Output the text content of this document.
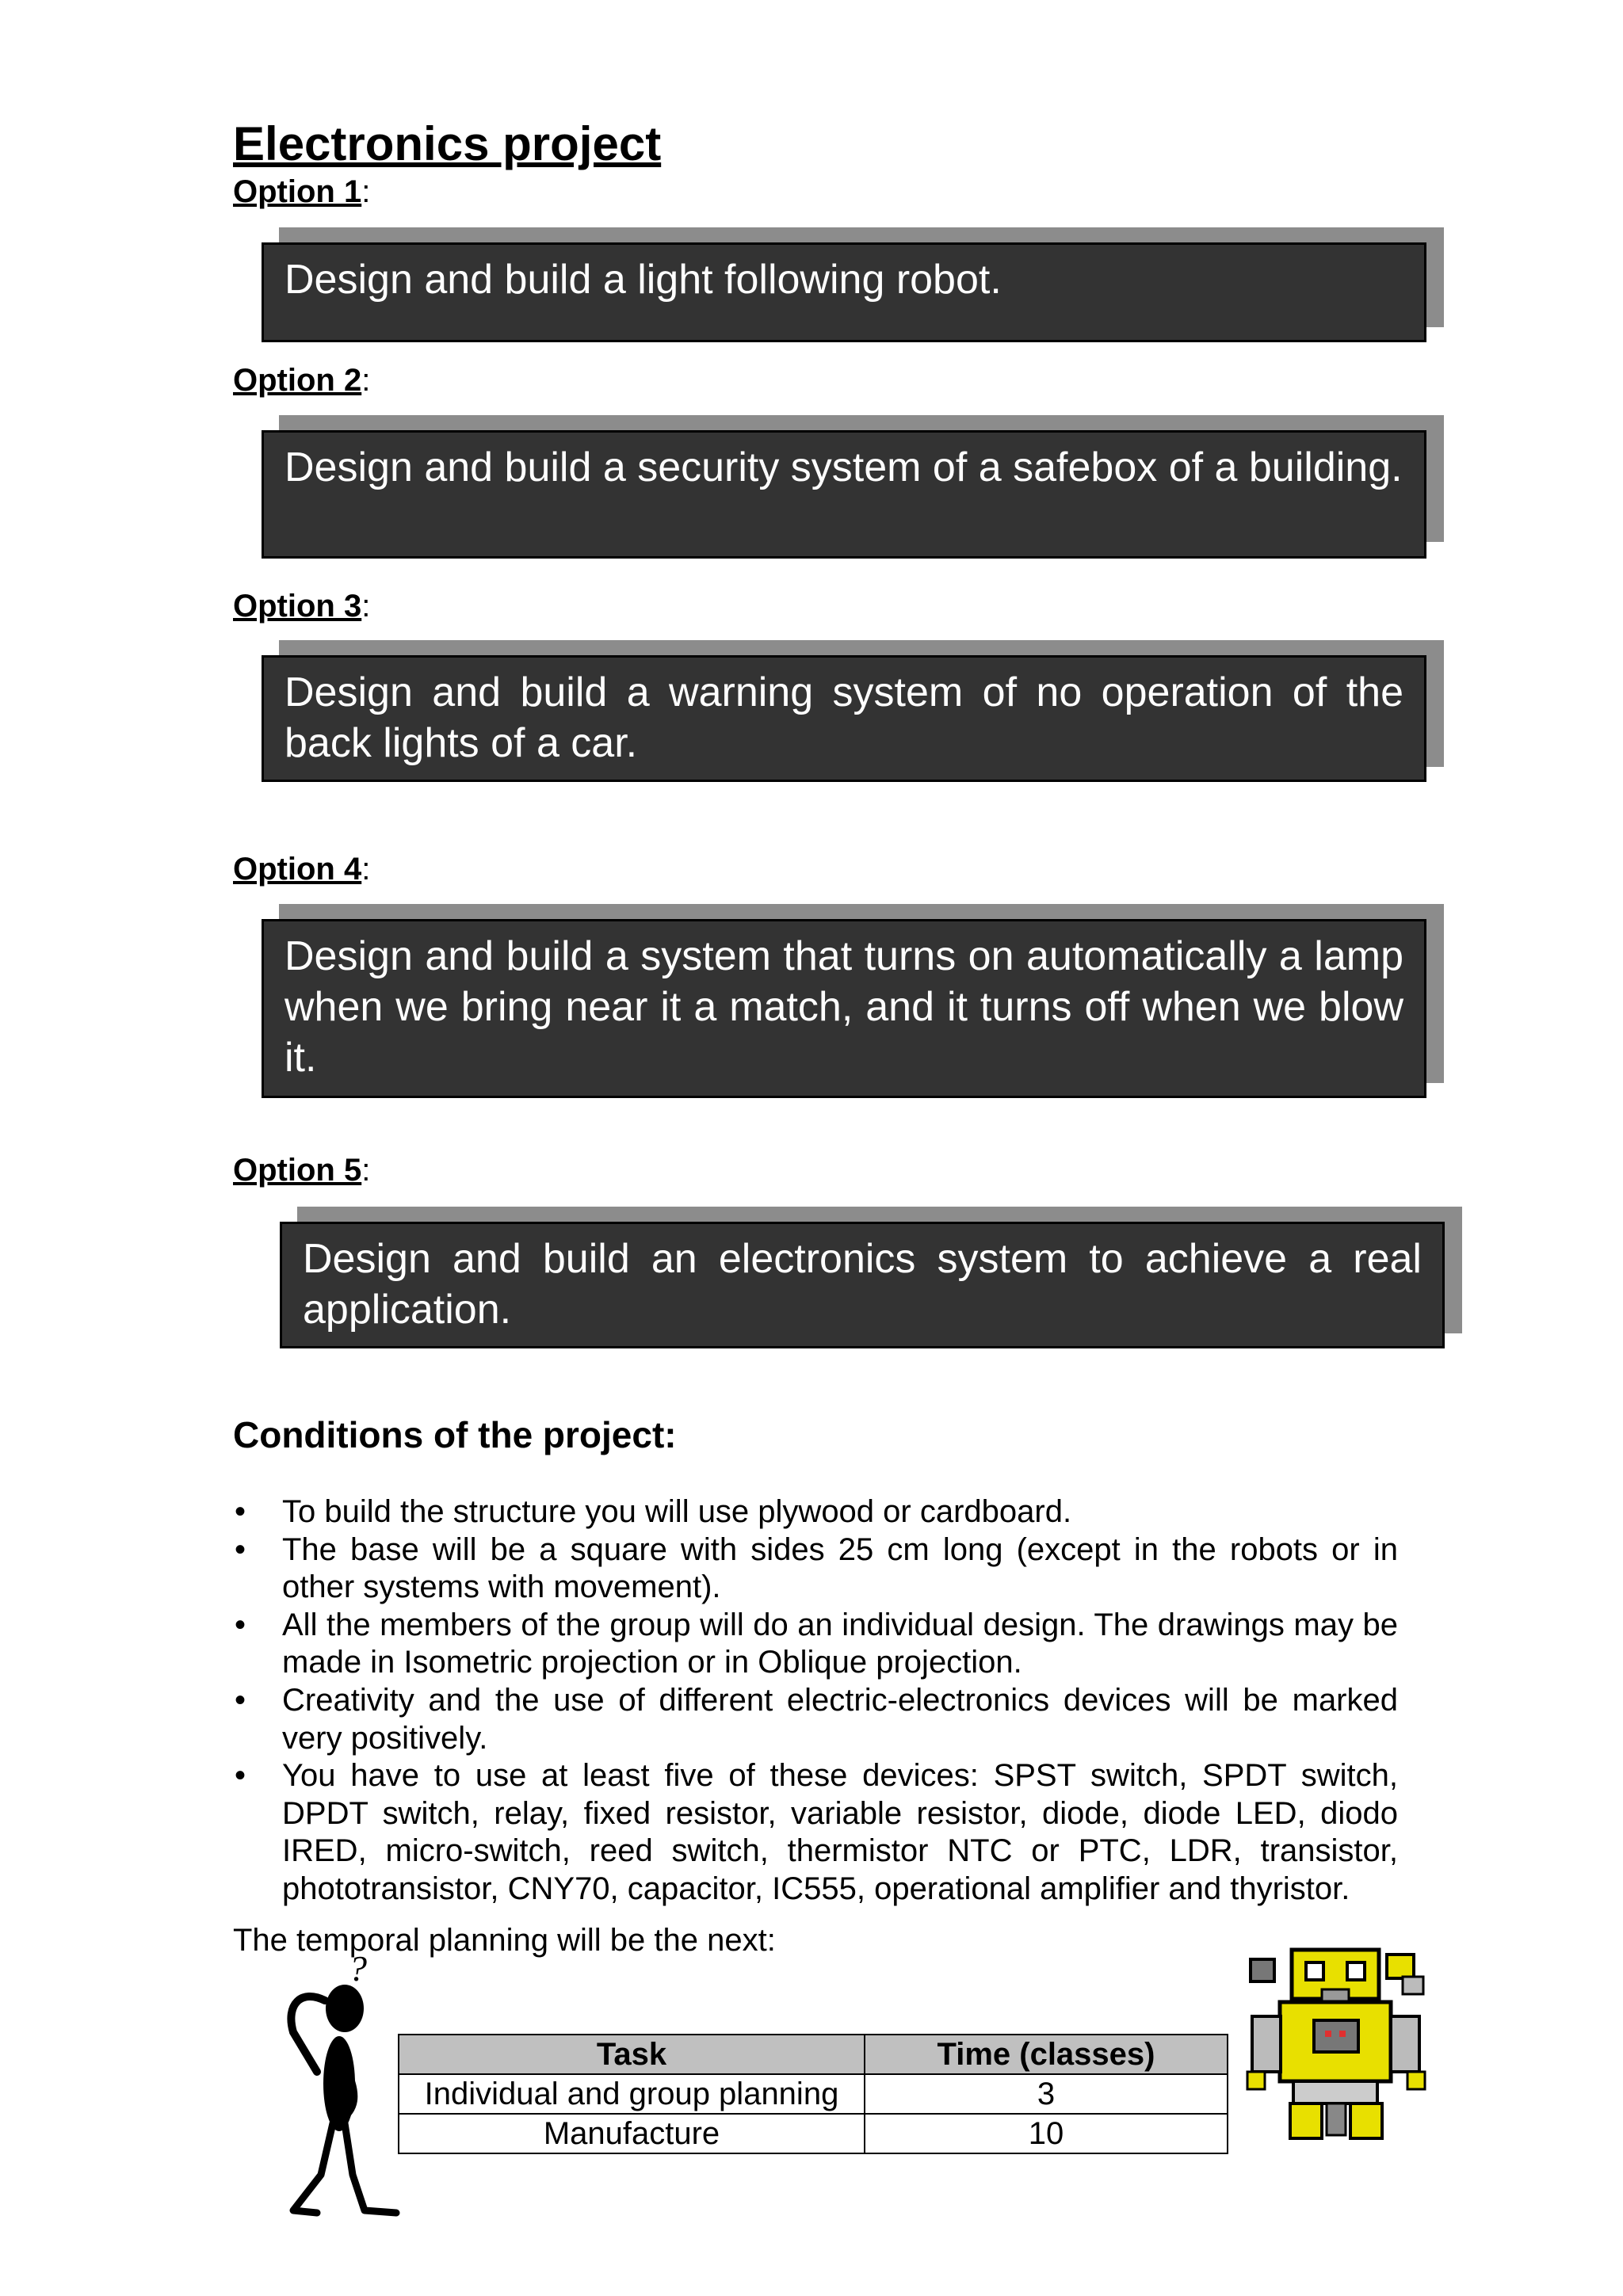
Electronics project
Option 1:

Design and build a light following robot.

Option 2:

Design and build a security system of a safebox of a building.

Option 3:

Design and build a warning system of no operation of the back lights of a car.

Option 4:

Design and build a system that turns on automatically a lamp when we bring near it a match, and it turns off when we blow it.

Option 5:

Design and build an electronics system to achieve a real application.

Conditions of the project:
• To build the structure you will use plywood or cardboard.
• The base will be a square with sides 25 cm long (except in the robots or in other systems with movement).
• All the members of the group will do an individual design. The drawings may be made in Isometric projection or in Oblique projection.
• Creativity and the use of different electric-electronics devices will be marked very positively.
• You have to use at least five of these devices: SPST switch, SPDT switch, DPDT switch, relay, fixed resistor, variable resistor, diode, diode LED, diodo IRED, micro-switch, reed switch, thermistor NTC or PTC, LDR, transistor, phototransistor, CNY70, capacitor, IC555, operational amplifier and thyristor.
The temporal planning will be the next:
?
Task	Time (classes)
Individual and group planning	3
Manufacture	10
